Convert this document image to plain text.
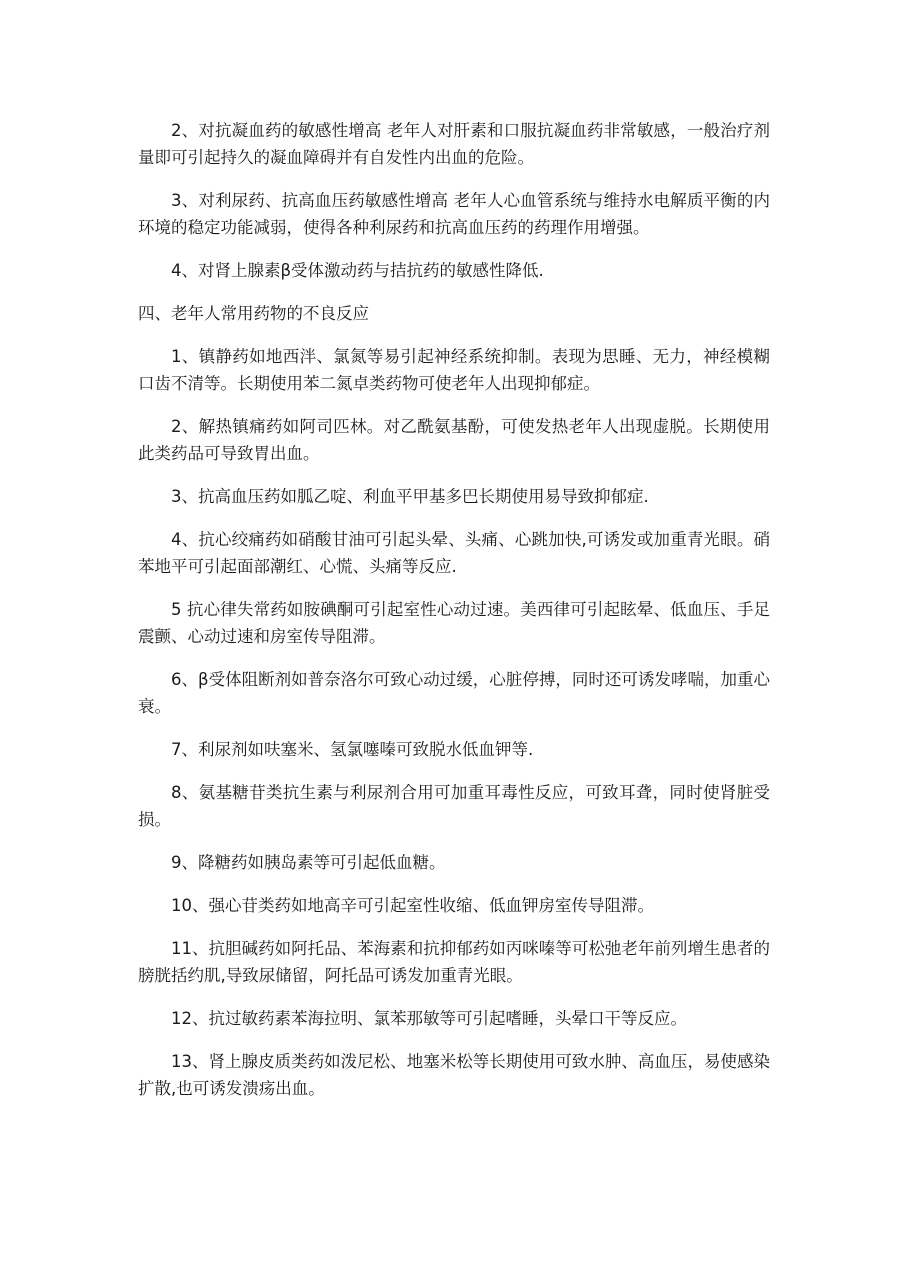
2、对抗凝血药的敏感性增高 老年人对肝素和口服抗凝血药非常敏感，一般治疗剂量即可引起持久的凝血障碍并有自发性内出血的危险。

3、对利尿药、抗高血压药敏感性增高 老年人心血管系统与维持水电解质平衡的内环境的稳定功能减弱，使得各种利尿药和抗高血压药的药理作用增强。

4、对肾上腺素β受体激动药与拮抗药的敏感性降低.

四、老年人常用药物的不良反应

1、镇静药如地西泮、氯氮等易引起神经系统抑制。表现为思睡、无力，神经模糊口齿不清等。长期使用苯二氮卓类药物可使老年人出现抑郁症。

2、解热镇痛药如阿司匹林。对乙酰氨基酚，可使发热老年人出现虚脱。长期使用此类药品可导致胃出血。

3、抗高血压药如胍乙啶、利血平甲基多巴长期使用易导致抑郁症.

4、抗心绞痛药如硝酸甘油可引起头晕、头痛、心跳加快,可诱发或加重青光眼。硝苯地平可引起面部潮红、心慌、头痛等反应.

5 抗心律失常药如胺碘酮可引起室性心动过速。美西律可引起眩晕、低血压、手足震颤、心动过速和房室传导阻滞。

6、β受体阻断剂如普奈洛尔可致心动过缓，心脏停搏，同时还可诱发哮喘，加重心衰。

7、利尿剂如呋塞米、氢氯噻嗪可致脱水低血钾等.

8、氨基糖苷类抗生素与利尿剂合用可加重耳毒性反应，可致耳聋，同时使肾脏受损。

9、降糖药如胰岛素等可引起低血糖。

10、强心苷类药如地高辛可引起室性收缩、低血钾房室传导阻滞。

11、抗胆碱药如阿托品、苯海素和抗抑郁药如丙咪嗪等可松弛老年前列增生患者的膀胱括约肌,导致尿储留，阿托品可诱发加重青光眼。

12、抗过敏药素苯海拉明、氯苯那敏等可引起嗜睡，头晕口干等反应。

13、肾上腺皮质类药如泼尼松、地塞米松等长期使用可致水肿、高血压，易使感染扩散,也可诱发溃疡出血。
